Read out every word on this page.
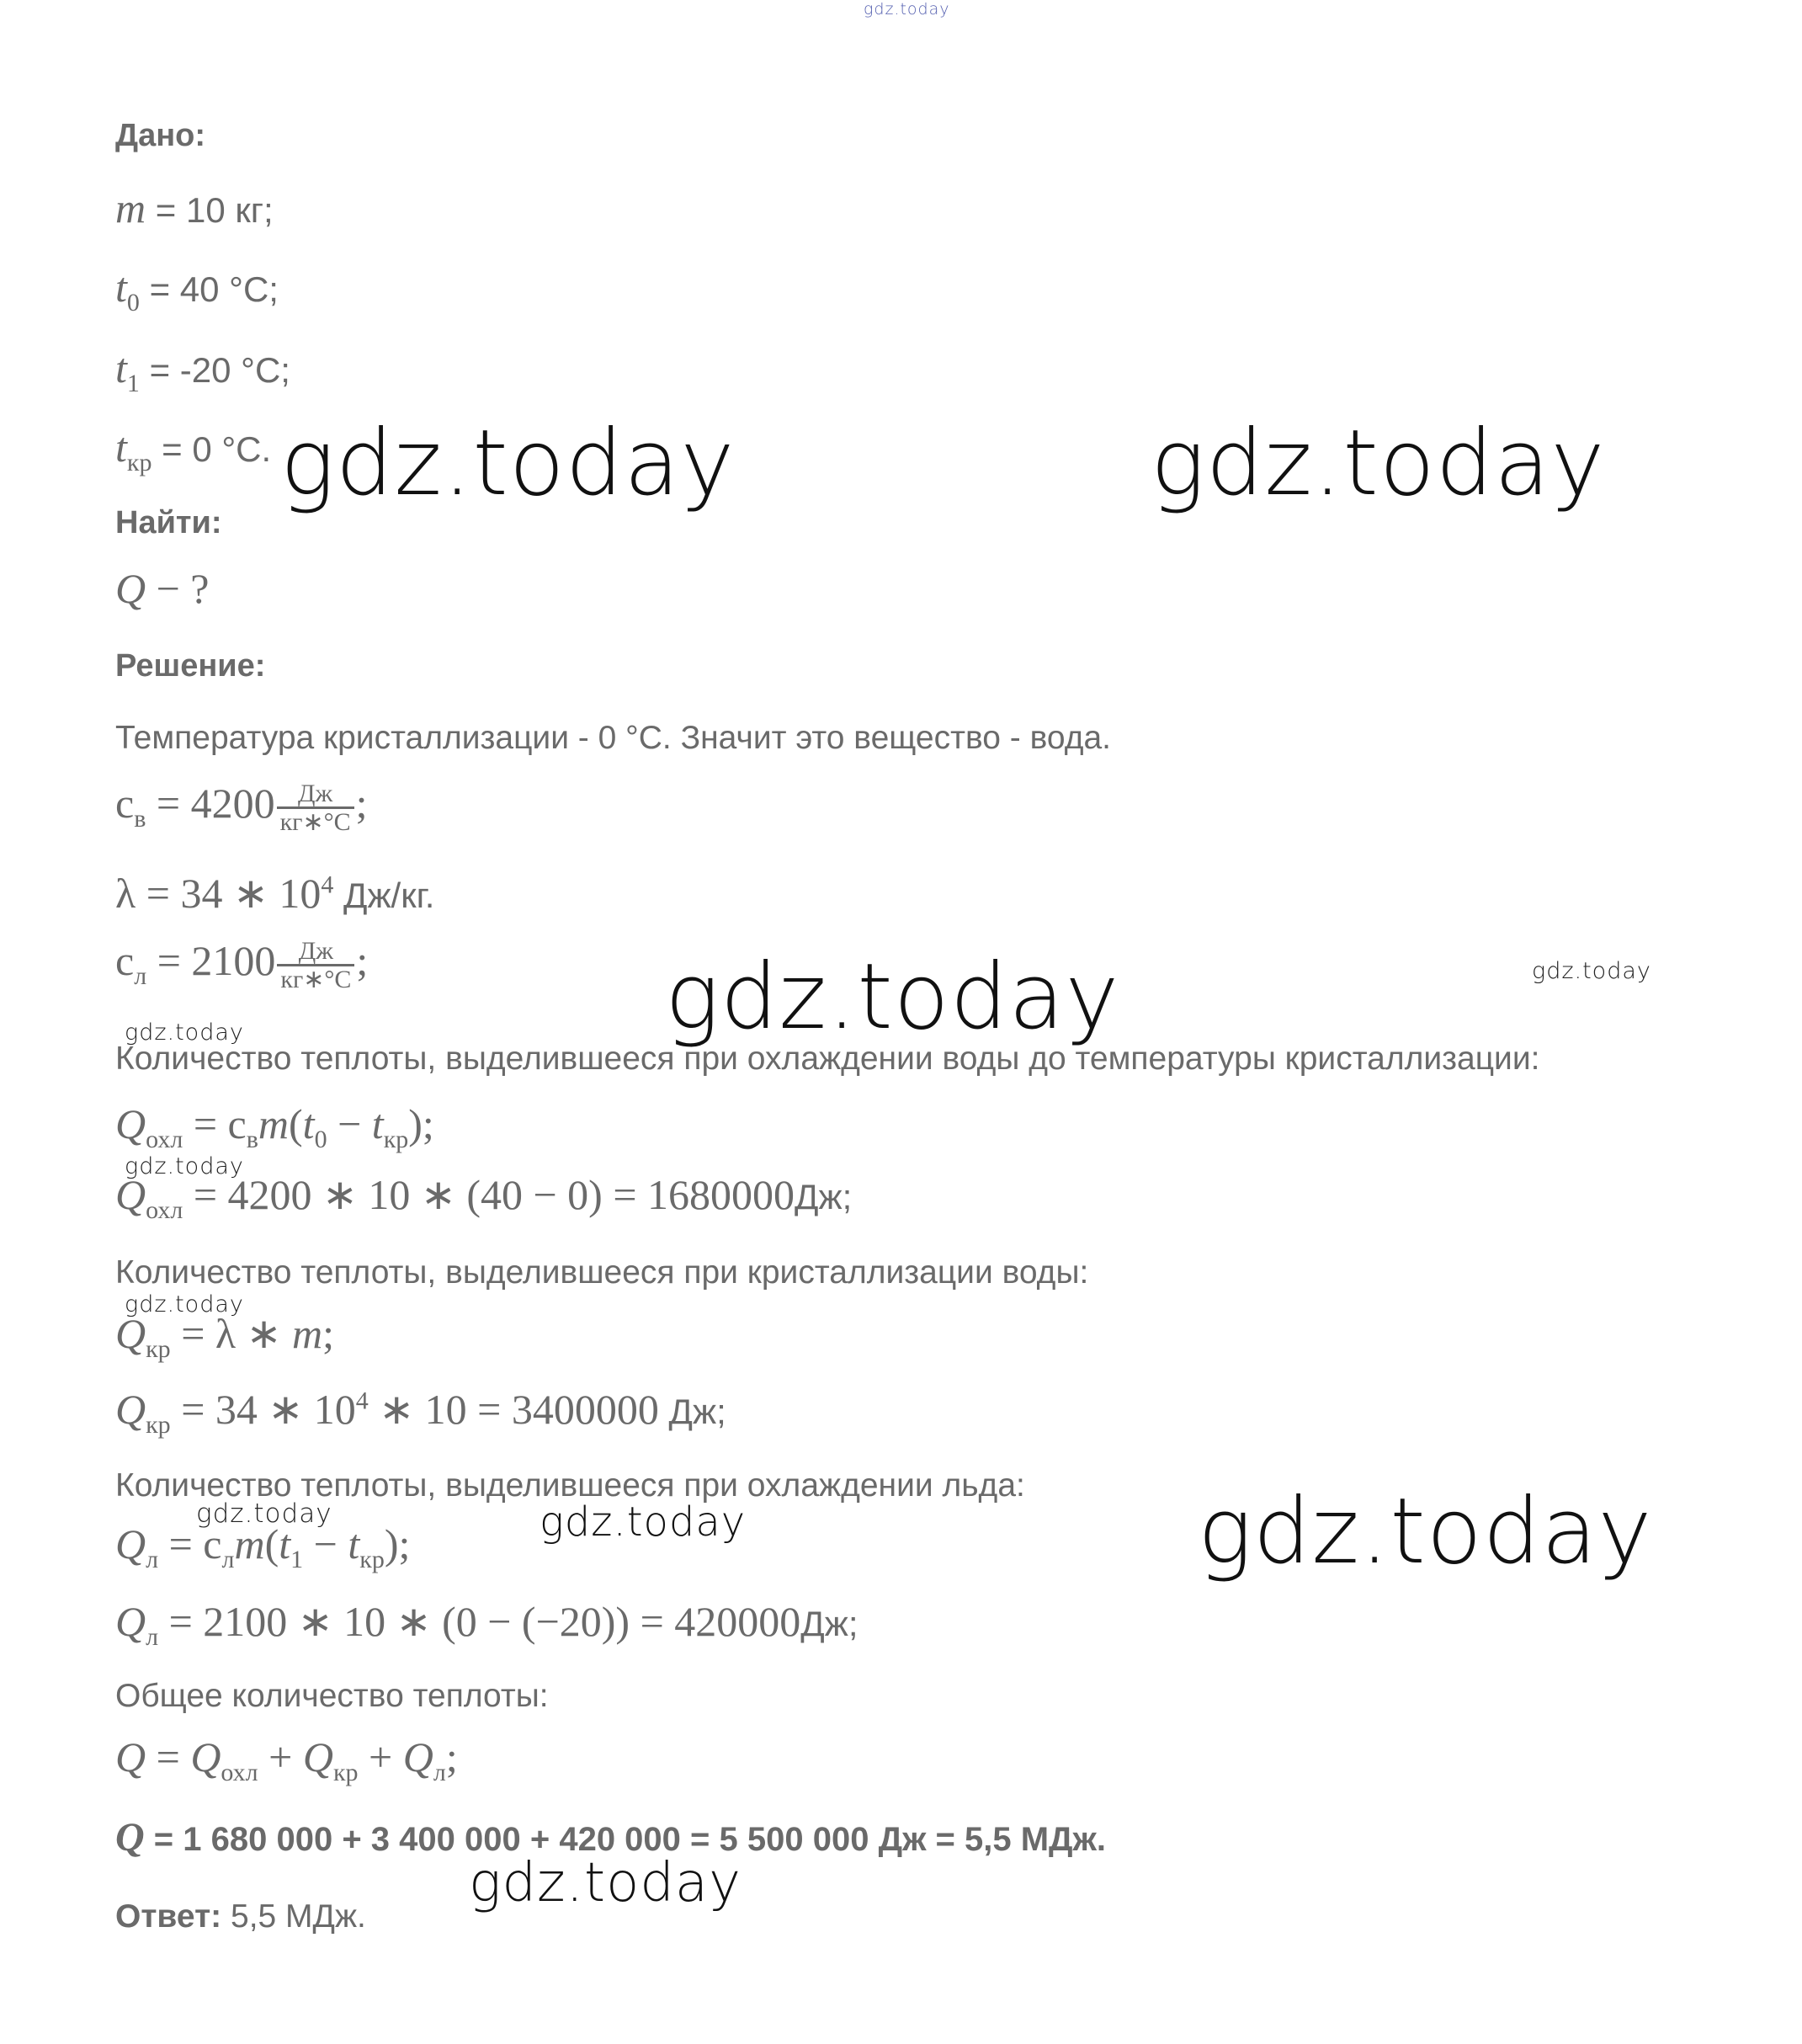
gdz.today
Дано:
m = 10 кг;
$t_0 = 40$ °С;
$t_1 = -20$ °С;
$t_{кр} = 0$ °С.
Найти:
Q − ?
Решение:
Температура кристаллизации - 0 °С. Значит это вещество - вода.
$c_в = 4200 \frac{Дж}{кг∗^\circ С}$ ;
λ = 34 ∗ $10^4$ Дж/кг.
$c_л = 2100 \frac{Дж}{кг∗^\circ С}$ ;
Количество теплоты, выделившееся при охлаждении воды до температуры кристаллизации:
$Q_{охл} = c_вm(t_0 - t_{кр})$;
$Q_{охл} = 4200$ ∗ 10 ∗ (40 − 0) = 1680000Дж;
Количество теплоты, выделившееся при кристаллизации воды:
$Q_{кр} = \lambda$ ∗ m;
$Q_{кр} = 34$ ∗ $10^4$ ∗ 10 = 3400000 Дж;
Количество теплоты, выделившееся при охлаждении льда:
$Q_л = c_лm(t_1 - t_{кр})$;
$Q_л = 2100$ ∗ 10 ∗ (0 − (−20)) = 420000Дж;
Общее количество теплоты:
$Q = Q_{охл} + Q_{кр} + Q_л$;
Q = 1 680 000 + 3 400 000 + 420 000 = 5 500 000 Дж = 5,5 МДж.
Ответ: 5,5 МДж.
gdz.today	gdz.today
gdz.today
gdz.today
gdz.today
gdz.today
gdz.today
gdz.today
gdz.today
gdz.today
gdz.today
